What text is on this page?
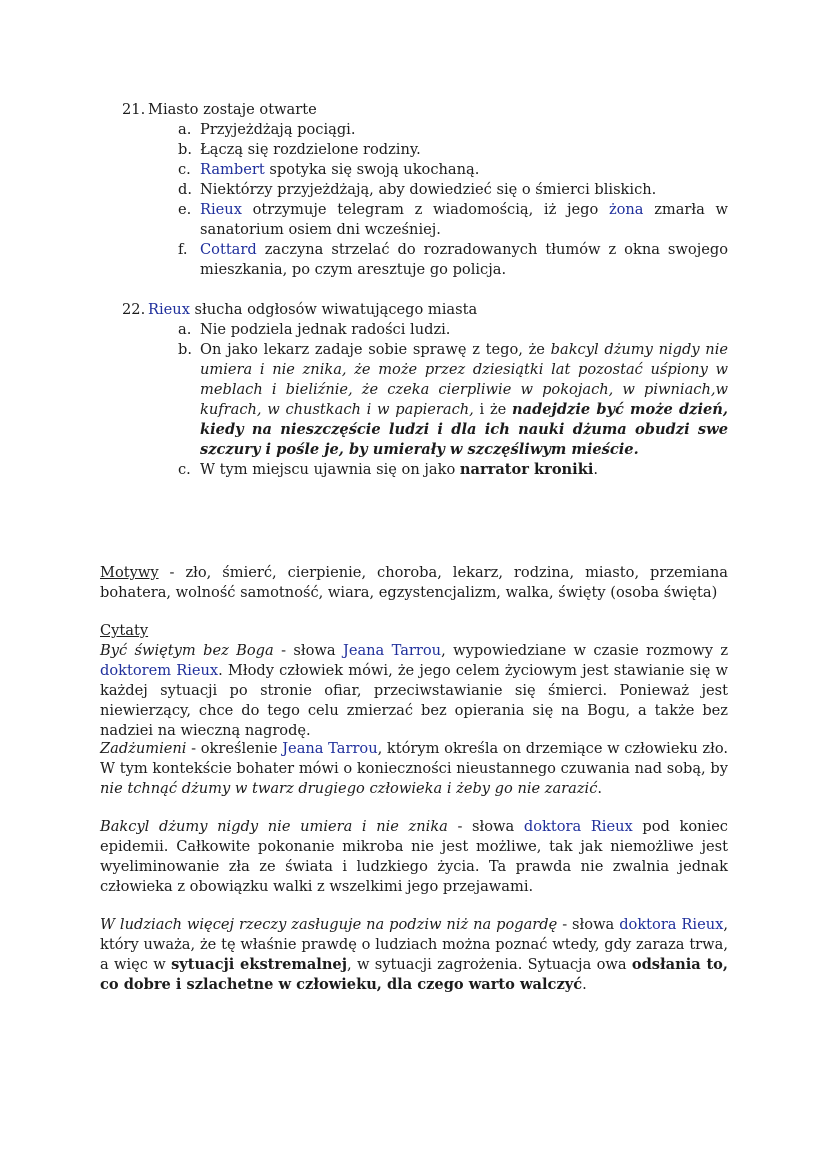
21. Miasto zostaje otwarte
a. Przyjeżdżają pociągi.
b. Łączą się rozdzielone rodziny.
c. Rambert spotyka się swoją ukochaną.
d. Niektórzy przyjeżdżają, aby dowiedzieć się o śmierci bliskich.
e. Rieux otrzymuje telegram z wiadomością, iż jego żona zmarła w sanatorium osiem dni wcześniej.
f. Cottard zaczyna strzelać do rozradowanych tłumów z okna swojego mieszkania, po czym aresztuje go policja.
22. Rieux słucha odgłosów wiwatującego miasta
a. Nie podziela jednak radości ludzi.
b. On jako lekarz zadaje sobie sprawę z tego, że bakcyl dżumy nigdy nie umiera i nie znika, że może przez dziesiątki lat pozostać uśpiony w meblach i bieliźnie, że czeka cierpliwie w pokojach, w piwniach,w kufrach, w chustkach i w papierach, i że nadejdzie być może dzień, kiedy na nieszczęście ludzi i dla ich nauki dżuma obudzi swe szczury i pośle je, by umierały w szczęśliwym mieście.
c. W tym miejscu ujawnia się on jako narrator kroniki.
Motywy - zło, śmierć, cierpienie, choroba, lekarz, rodzina, miasto, przemiana bohatera, wolność samotność, wiara, egzystencjalizm, walka, święty (osoba święta)
Cytaty
Być świętym bez Boga - słowa Jeana Tarrou, wypowiedziane w czasie rozmowy z doktorem Rieux. Młody człowiek mówi, że jego celem życiowym jest stawianie się w każdej sytuacji po stronie ofiar, przeciwstawianie się śmierci. Ponieważ jest niewierzący, chce do tego celu zmierzać bez opierania się na Bogu, a także bez nadziei na wieczną nagrodę.
Zadżumieni - określenie Jeana Tarrou, którym określa on drzemiące w człowieku zło. W tym kontekście bohater mówi o konieczności nieustannego czuwania nad sobą, by nie tchnąć dżumy w twarz drugiego człowieka i żeby go nie zarazić.
Bakcyl dżumy nigdy nie umiera i nie znika - słowa doktora Rieux pod koniec epidemii. Całkowite pokonanie mikroba nie jest możliwe, tak jak niemożliwe jest wyeliminowanie zła ze świata i ludzkiego życia. Ta prawda nie zwalnia jednak człowieka z obowiązku walki z wszelkimi jego przejawami.
W ludziach więcej rzeczy zasługuje na podziw niż na pogardę - słowa doktora Rieux, który uważa, że tę właśnie prawdę o ludziach można poznać wtedy, gdy zaraza trwa, a więc w sytuacji ekstremalnej, w sytuacji zagrożenia. Sytuacja owa odsłania to, co dobre i szlachetne w człowieku, dla czego warto walczyć.
